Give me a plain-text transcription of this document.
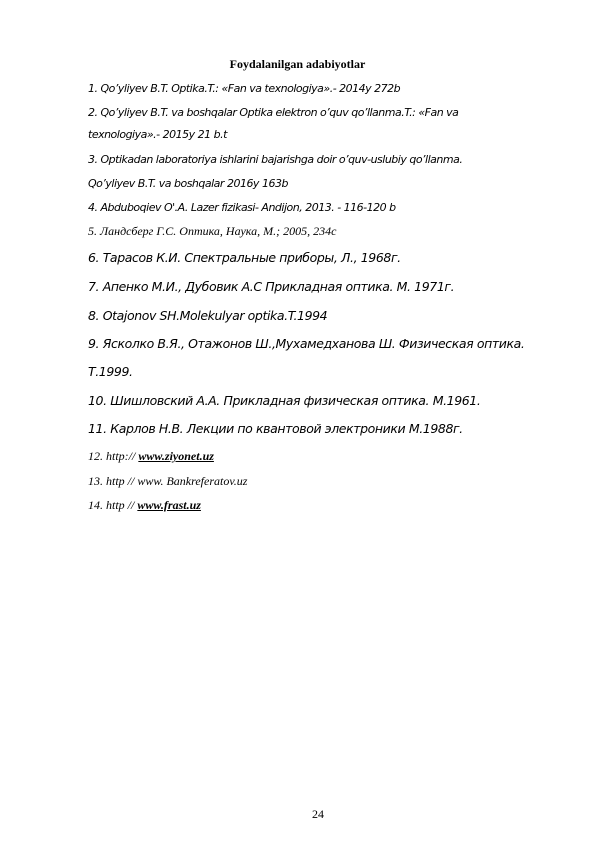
Foydalanilgan adabiyotlar
1. Qo’yliyev B.T. Optika.T.: «Fan va texnologiya».- 2014y 272b
2. Qo’yliyev B.T. va boshqalar Optika elektron o’quv qo’llanma.T.: «Fan va
texnologiya».- 2015y 21 b.t
3. Optikadan laboratoriya ishlarini bajarishga doir o’quv-uslubiy qo’llanma.
Qo’yliyev B.T. va boshqalar 2016y 163b
4. Abduboqiev O'.A. Lazer fizikasi- Andijon, 2013. - 116-120 b
5. Ландсберг Г.С. Оптика, Наука, М.; 2005, 234с
6. Тарасов К.И. Спектральные приборы, Л., 1968г.
7. Апенко М.И., Дубовик А.С Прикладная оптика. М. 1971г.
8. Otajonov SH.Molekulyar optika.T.1994
9. Ясколко В.Я., Отажонов Ш.,Мухамедханова Ш. Физическая оптика.
Т.1999.
10. Шишловский А.А. Прикладная физическая оптика. М.1961.
11. Карлов Н.В. Лекции по квантовой электроники М.1988г.
12. http:// www.ziyonet.uz
13. http // www. Bankreferatov.uz
14. http // www.frast.uz
24
